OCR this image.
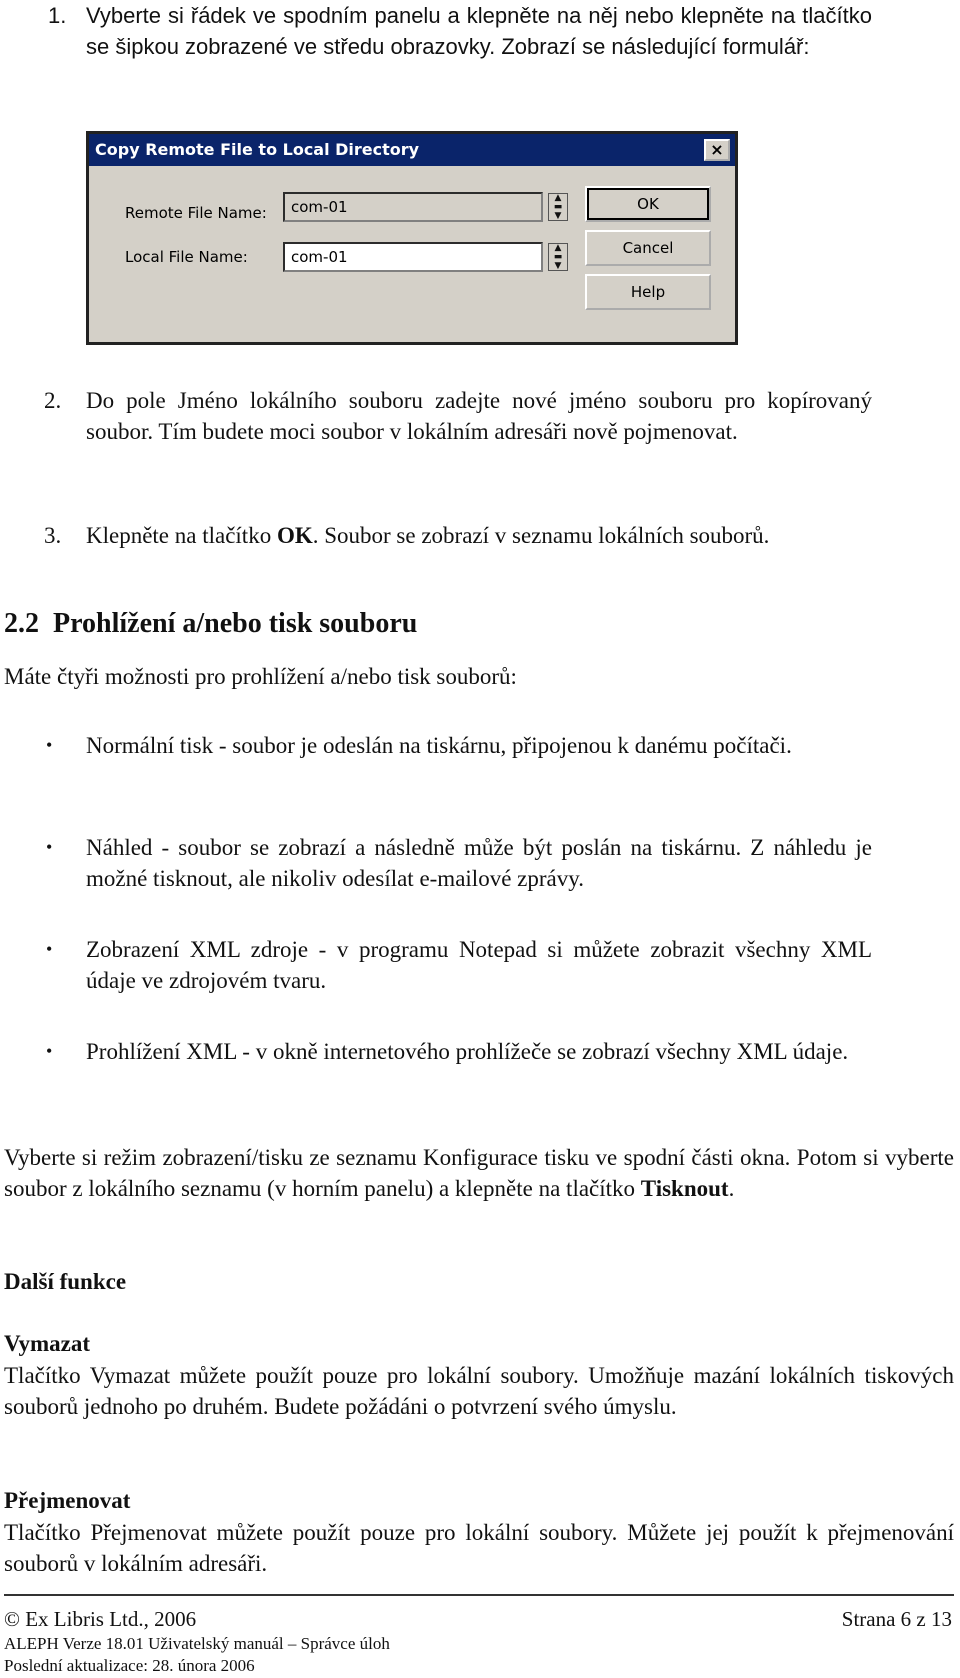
1. Vyberte si řádek ve spodním panelu a klepněte na něj nebo klepněte na tlačítko se šipkou zobrazené ve středu obrazovky. Zobrazí se následující formulář:
Copy Remote File to Local Directory	×
Remote File Name:	com-01	▲
▬
▼
Local File Name:	com-01	▲
▬
▼
OK
Cancel
Help
2. Do pole Jméno lokálního souboru zadejte nové jméno souboru pro kopírovaný soubor. Tím budete moci soubor v lokálním adresáři nově pojmenovat.
3. Klepněte na tlačítko OK. Soubor se zobrazí v seznamu lokálních souborů.
2.2  Prohlížení a/nebo tisk souboru
Máte čtyři možnosti pro prohlížení a/nebo tisk souborů:
• Normální tisk - soubor je odeslán na tiskárnu, připojenou k danému počítači.
• Náhled - soubor se zobrazí a následně může být poslán na tiskárnu. Z náhledu je možné tisknout, ale nikoliv odesílat e-mailové zprávy.
• Zobrazení XML zdroje - v programu Notepad si můžete zobrazit všechny XML údaje ve zdrojovém tvaru.
• Prohlížení XML - v okně internetového prohlížeče se zobrazí všechny XML údaje.
Vyberte si režim zobrazení/tisku ze seznamu Konfigurace tisku ve spodní části okna. Potom si vyberte soubor z lokálního seznamu (v horním panelu) a klepněte na tlačítko Tisknout.
Další funkce
Vymazat
Tlačítko Vymazat můžete použít pouze pro lokální soubory. Umožňuje mazání lokálních tiskových souborů jednoho po druhém. Budete požádáni o potvrzení svého úmyslu.
Přejmenovat
Tlačítko Přejmenovat můžete použít pouze pro lokální soubory. Můžete jej použít k přejmenování souborů v lokálním adresáři.
© Ex Libris Ltd., 2006	Strana 6 z 13
ALEPH Verze 18.01 Uživatelský manuál – Správce úloh
Poslední aktualizace: 28. února 2006
